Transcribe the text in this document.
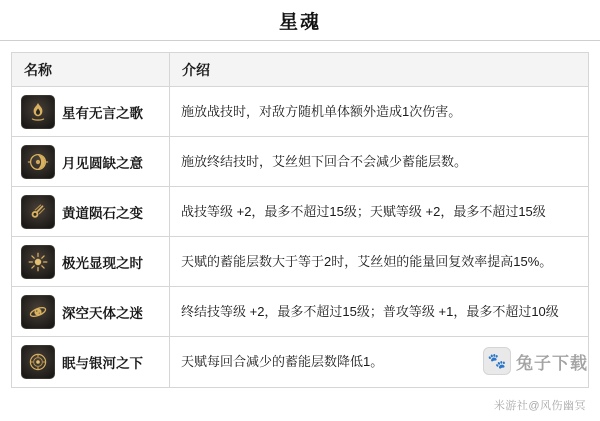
星魂
名称	介绍
星有无言之歌	施放战技时，对敌方随机单体额外造成1次伤害。
月见圆缺之意	施放终结技时，艾丝妲下回合不会减少蓄能层数。
黄道陨石之变	战技等级 +2，最多不超过15级；天赋等级 +2，最多不超过15级
极光显现之时	天赋的蓄能层数大于等于2时，艾丝妲的能量回复效率提高15%。
深空天体之迷	终结技等级 +2，最多不超过15级；普攻等级 +1，最多不超过10级
眠与银河之下	天赋每回合减少的蓄能层数降低1。	🐾 兔子下载
米游社@风伤幽冥
